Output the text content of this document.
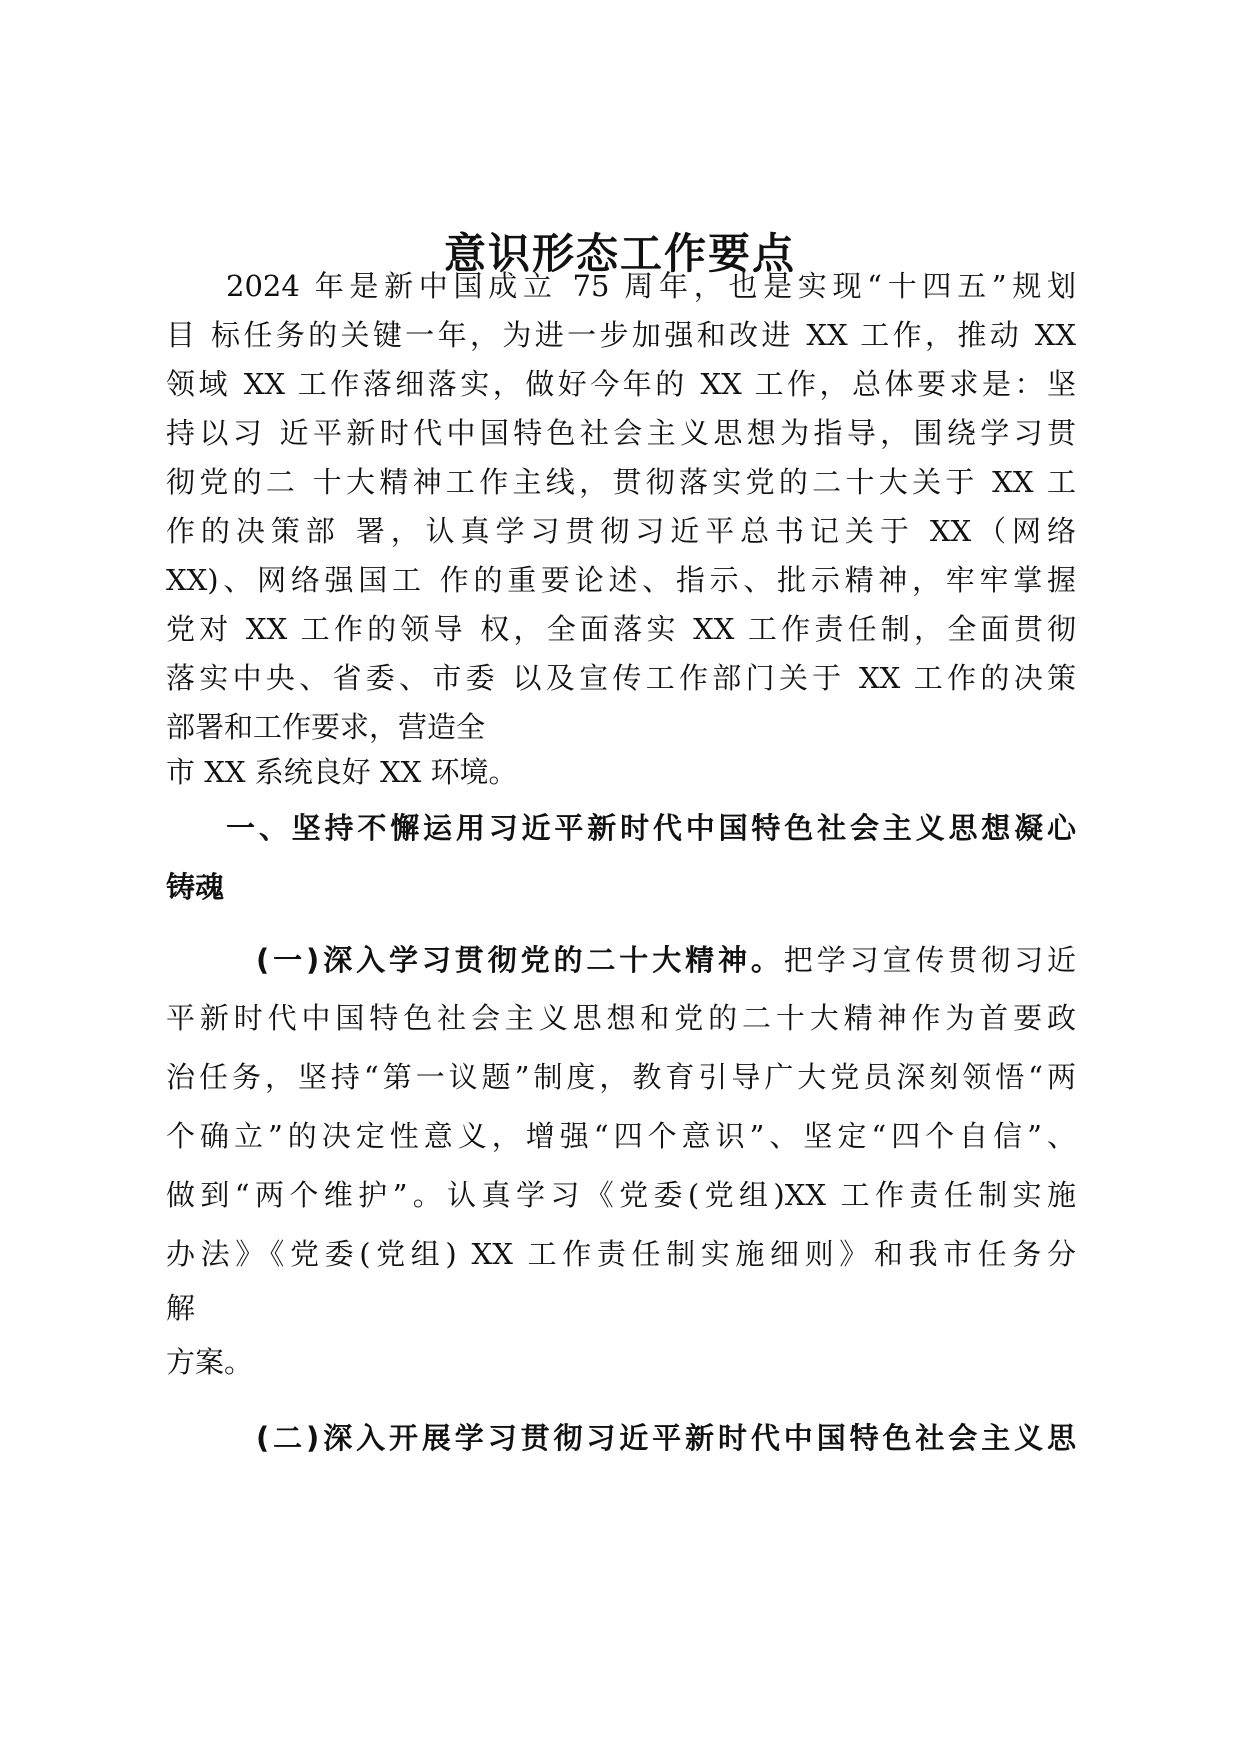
意识形态工作要点
2024 年是新中国成立 75 周年，也是实现“十四五”规划
目 标任务的关键一年，为进一步加强和改进 XX 工作，推动 XX
领域 XX 工作落细落实，做好今年的 XX 工作，总体要求是：坚
持以习 近平新时代中国特色社会主义思想为指导，围绕学习贯
彻党的二 十大精神工作主线，贯彻落实党的二十大关于 XX 工
作的决策部 署，认真学习贯彻习近平总书记关于 XX（网络
XX)、网络强国工 作的重要论述、指示、批示精神，牢牢掌握
党对 XX 工作的领导 权，全面落实 XX 工作责任制，全面贯彻
落实中央、省委、市委 以及宣传工作部门关于 XX 工作的决策
部署和工作要求，营造全
市 XX 系统良好 XX 环境。
一、坚持不懈运用习近平新时代中国特色社会主义思想凝心
铸魂
(一)深入学习贯彻党的二十大精神。把学习宣传贯彻习近
平新时代中国特色社会主义思想和党的二十大精神作为首要政
治任务，坚持“第一议题”制度，教育引导广大党员深刻领悟“两
个确立”的决定性意义，增强“四个意识”、坚定“四个自信”、
做到“两个维护”。认真学习《党委(党组)XX 工作责任制实施
办法》《党委(党组) XX 工作责任制实施细则》和我市任务分
解
方案。
(二)深入开展学习贯彻习近平新时代中国特色社会主义思
